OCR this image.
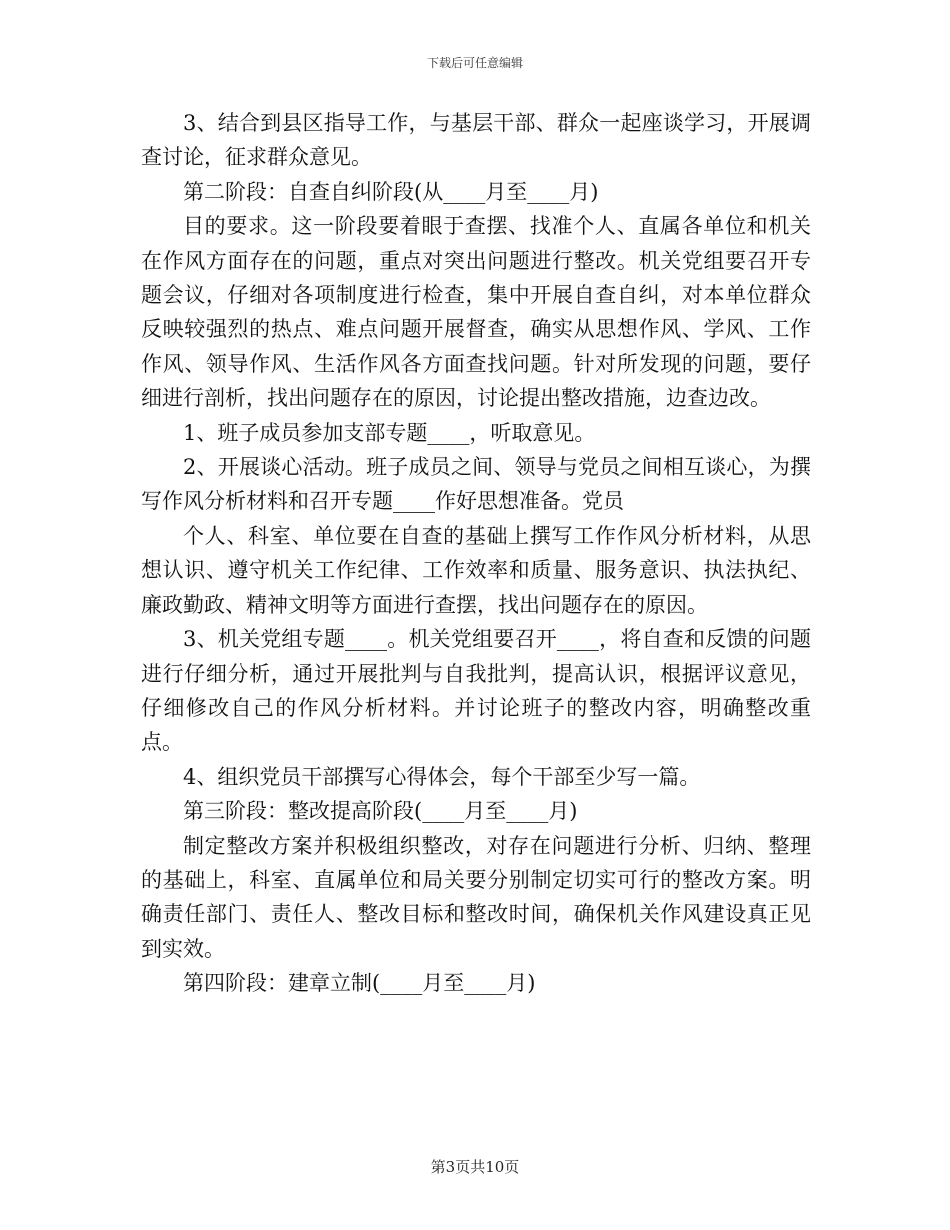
下载后可任意编辑

3、结合到县区指导工作，与基层干部、群众一起座谈学习，开展调查讨论，征求群众意见。

第二阶段：自查自纠阶段(从____月至____月)

目的要求。这一阶段要着眼于查摆、找准个人、直属各单位和机关在作风方面存在的问题，重点对突出问题进行整改。机关党组要召开专题会议，仔细对各项制度进行检查，集中开展自查自纠，对本单位群众反映较强烈的热点、难点问题开展督查，确实从思想作风、学风、工作作风、领导作风、生活作风各方面查找问题。针对所发现的问题，要仔细进行剖析，找出问题存在的原因，讨论提出整改措施，边查边改。

1、班子成员参加支部专题____，听取意见。

2、开展谈心活动。班子成员之间、领导与党员之间相互谈心，为撰写作风分析材料和召开专题____作好思想准备。党员

个人、科室、单位要在自查的基础上撰写工作作风分析材料，从思想认识、遵守机关工作纪律、工作效率和质量、服务意识、执法执纪、廉政勤政、精神文明等方面进行查摆，找出问题存在的原因。

3、机关党组专题____。机关党组要召开____，将自查和反馈的问题进行仔细分析，通过开展批判与自我批判，提高认识，根据评议意见，仔细修改自己的作风分析材料。并讨论班子的整改内容，明确整改重点。

4、组织党员干部撰写心得体会，每个干部至少写一篇。

第三阶段：整改提高阶段(____月至____月)

制定整改方案并积极组织整改，对存在问题进行分析、归纳、整理的基础上，科室、直属单位和局关要分别制定切实可行的整改方案。明确责任部门、责任人、整改目标和整改时间，确保机关作风建设真正见到实效。

第四阶段：建章立制(____月至____月)

第3页共10页
